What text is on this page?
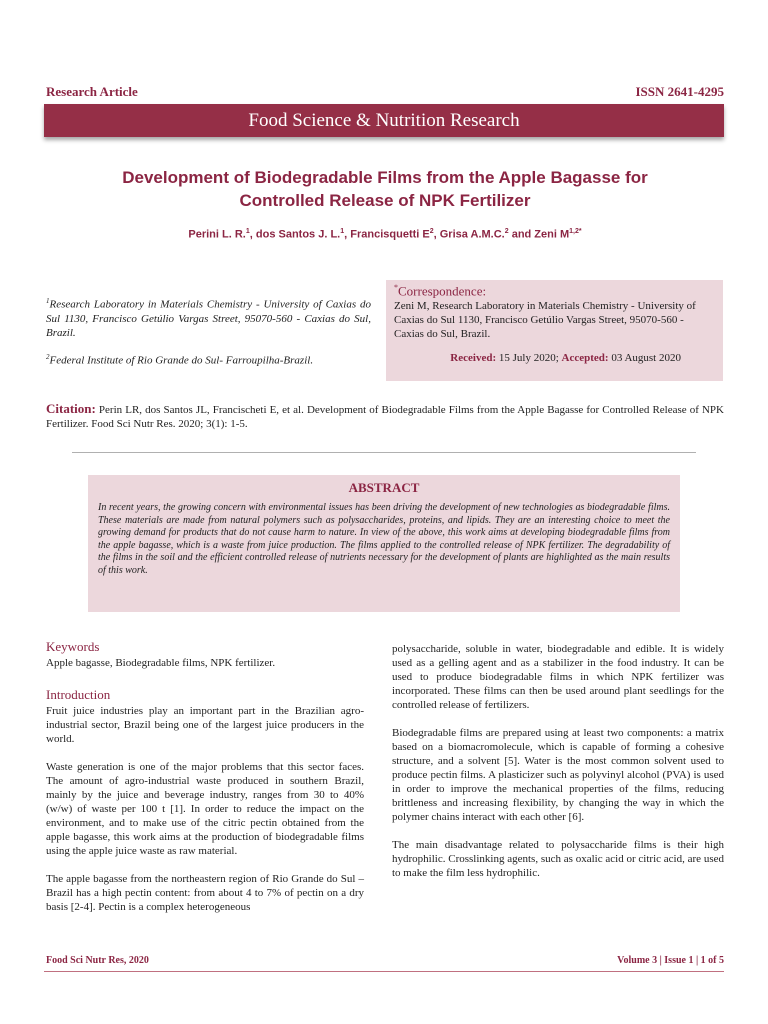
Research Article	ISSN 2641-4295
Food Science & Nutrition Research
Development of Biodegradable Films from the Apple Bagasse for
Controlled Release of NPK Fertilizer
Perini L. R.$^1$, dos Santos J. L.$^1$, Francisquetti $E^2$, Grisa A.M.C.$^2$ and Zeni $M^{1,2*}$
$^1$Research Laboratory in Materials Chemistry - University of Caxias do Sul 1130, Francisco Getúlio Vargas Street, 95070-560 - Caxias do Sul, Brazil.
$^2$Federal Institute of Rio Grande do Sul- Farroupilha-Brazil.
*Correspondence:
Zeni M, Research Laboratory in Materials Chemistry - University of Caxias do Sul 1130, Francisco Getúlio Vargas Street, 95070-560 - Caxias do Sul, Brazil.
Received: 15 July 2020; Accepted: 03 August 2020
Citation: Perin LR, dos Santos JL, Francischeti E, et al. Development of Biodegradable Films from the Apple Bagasse for Controlled Release of NPK Fertilizer. Food Sci Nutr Res. 2020; 3(1): 1-5.
ABSTRACT
In recent years, the growing concern with environmental issues has been driving the development of new technologies as biodegradable films. These materials are made from natural polymers such as polysaccharides, proteins, and lipids. They are an interesting choice to meet the growing demand for products that do not cause harm to nature. In view of the above, this work aims at developing biodegradable films from the apple bagasse, which is a waste from juice production. The films applied to the controlled release of NPK fertilizer. The degradability of the films in the soil and the efficient controlled release of nutrients necessary for the development of plants are highlighted as the main results of this work.
Keywords

Apple bagasse, Biodegradable films, NPK fertilizer.

Introduction

Fruit juice industries play an important part in the Brazilian agro-industrial sector, Brazil being one of the largest juice producers in the world.

Waste generation is one of the major problems that this sector faces. The amount of agro-industrial waste produced in southern Brazil, mainly by the juice and beverage industry, ranges from 30 to 40% (w/w) of waste per 100 t [1]. In order to reduce the impact on the environment, and to make use of the citric pectin obtained from the apple bagasse, this work aims at the production of biodegradable films using the apple juice waste as raw material.

The apple bagasse from the northeastern region of Rio Grande do Sul – Brazil has a high pectin content: from about 4 to 7% of pectin on a dry basis [2-4]. Pectin is a complex heterogeneous

polysaccharide, soluble in water, biodegradable and edible. It is widely used as a gelling agent and as a stabilizer in the food industry. It can be used to produce biodegradable films in which NPK fertilizer was incorporated. These films can then be used around plant seedlings for the controlled release of fertilizers.

Biodegradable films are prepared using at least two components: a matrix based on a biomacromolecule, which is capable of forming a cohesive structure, and a solvent [5]. Water is the most common solvent used to produce pectin films. A plasticizer such as polyvinyl alcohol (PVA) is used in order to improve the mechanical properties of the films, reducing brittleness and increasing flexibility, by changing the way in which the polymer chains interact with each other [6].

The main disadvantage related to polysaccharide films is their high hydrophilic. Crosslinking agents, such as oxalic acid or citric acid, are used to make the film less hydrophilic.

Food Sci Nutr Res, 2020	Volume 3 | Issue 1 | 1 of 5
